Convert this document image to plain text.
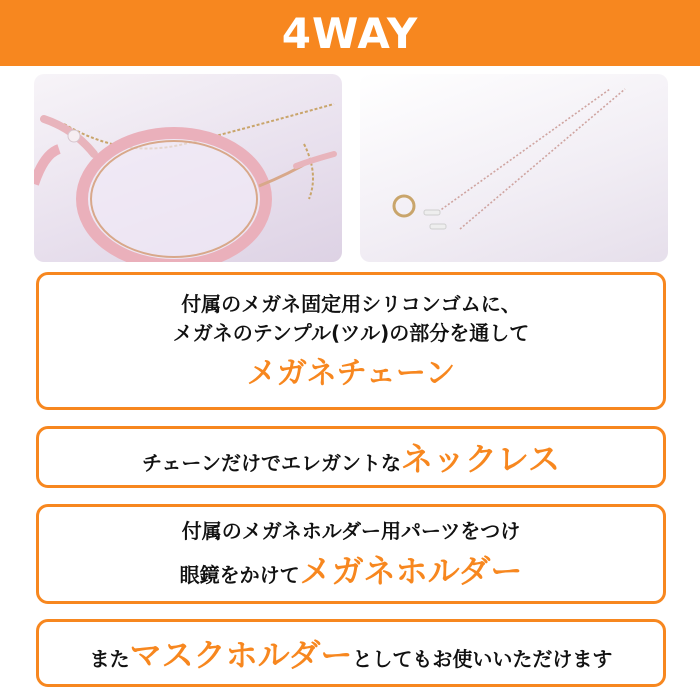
4WAY
付属のメガネ固定用シリコンゴムに、
メガネのテンプル(ツル)の部分を通して
メガネチェーン
チェーンだけでエレガントな ネックレス
付属のメガネホルダー用パーツをつけ
眼鏡をかけて メガネホルダー
また マスクホルダー としてもお使いいただけます
